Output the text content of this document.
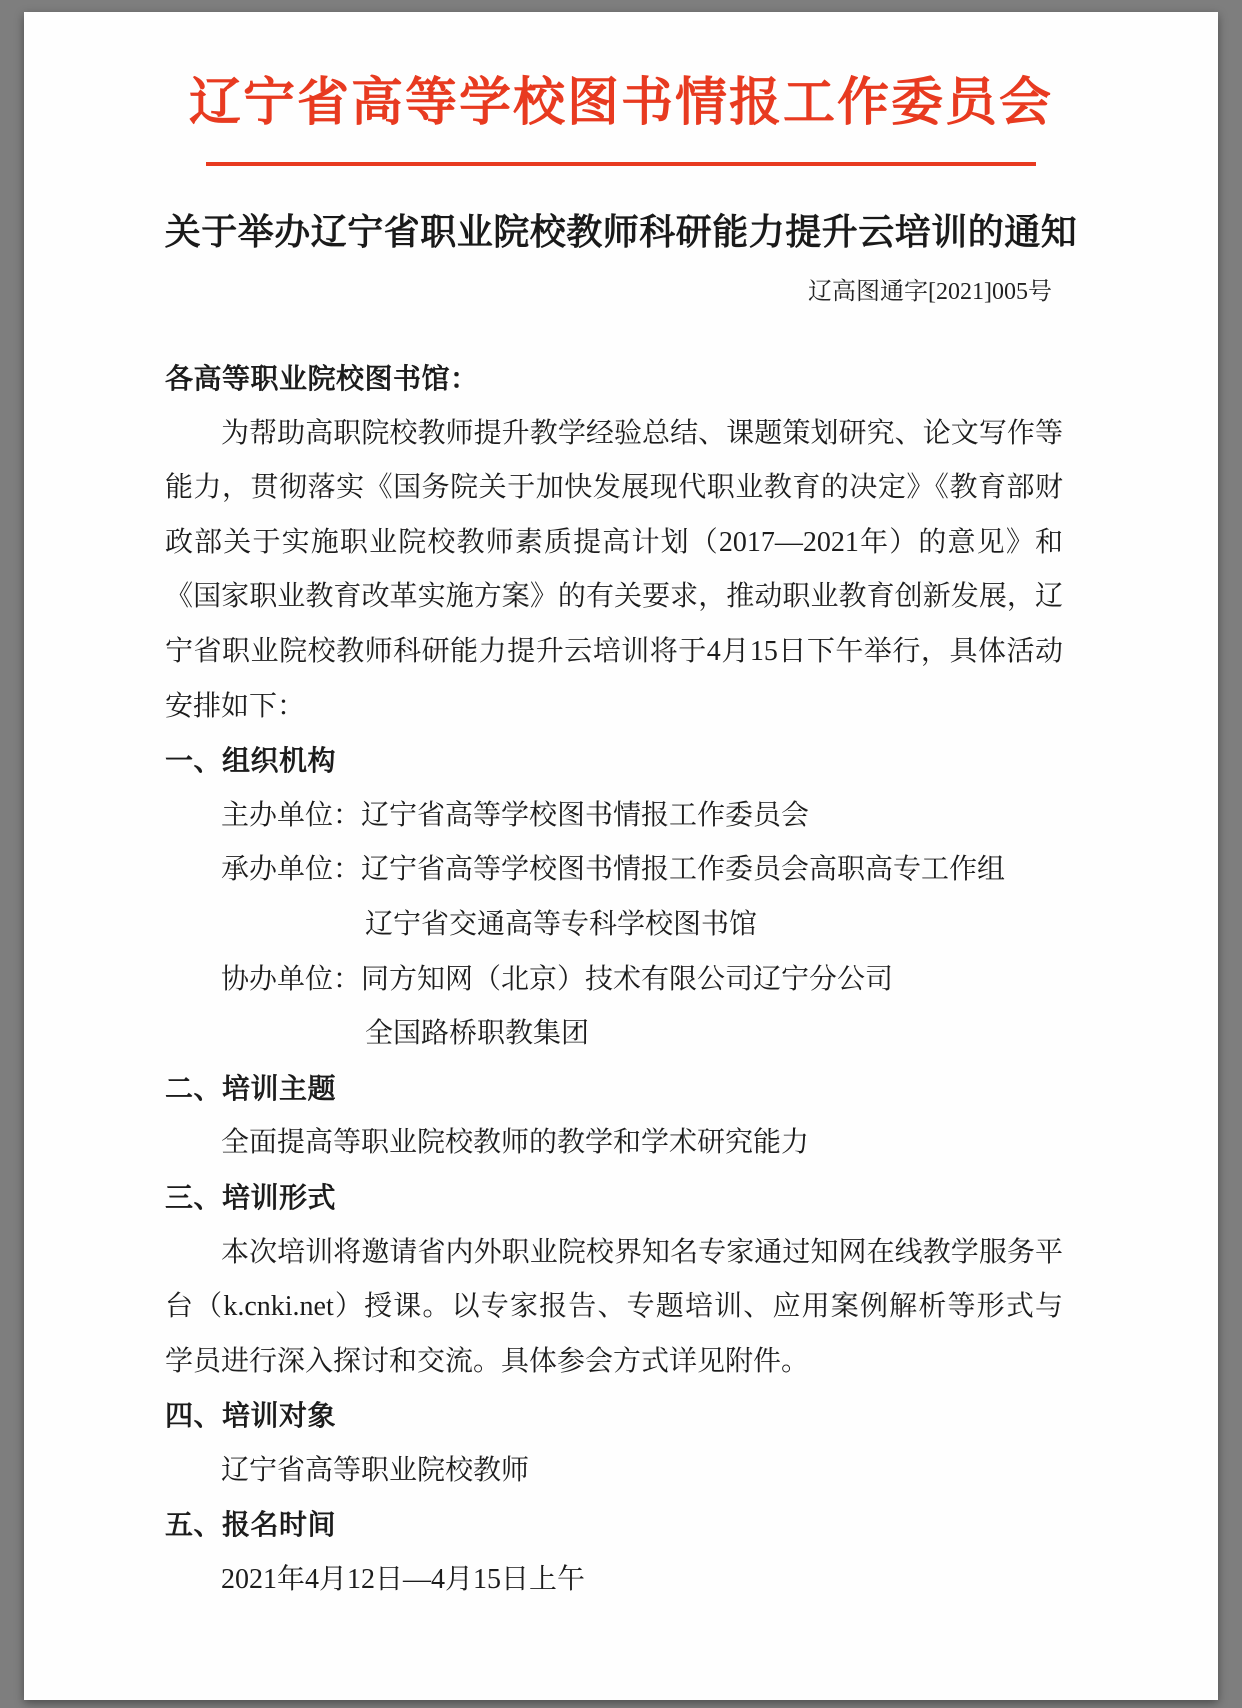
辽宁省高等学校图书情报工作委员会
关于举办辽宁省职业院校教师科研能力提升云培训的通知
辽高图通字[2021]005号
各高等职业院校图书馆：
为帮助高职院校教师提升教学经验总结、课题策划研究、论文写作等
能力，贯彻落实《国务院关于加快发展现代职业教育的决定》《教育部财
政部关于实施职业院校教师素质提高计划（2017—2021年）的意见》和
《国家职业教育改革实施方案》的有关要求，推动职业教育创新发展，辽
宁省职业院校教师科研能力提升云培训将于4月15日下午举行，具体活动
安排如下：
一、组织机构
主办单位：辽宁省高等学校图书情报工作委员会
承办单位：辽宁省高等学校图书情报工作委员会高职高专工作组
辽宁省交通高等专科学校图书馆
协办单位：同方知网（北京）技术有限公司辽宁分公司
全国路桥职教集团
二、培训主题
全面提高等职业院校教师的教学和学术研究能力
三、培训形式
本次培训将邀请省内外职业院校界知名专家通过知网在线教学服务平
台（k.cnki.net）授课。以专家报告、专题培训、应用案例解析等形式与
学员进行深入探讨和交流。具体参会方式详见附件。
四、培训对象
辽宁省高等职业院校教师
五、报名时间
2021年4月12日—4月15日上午
